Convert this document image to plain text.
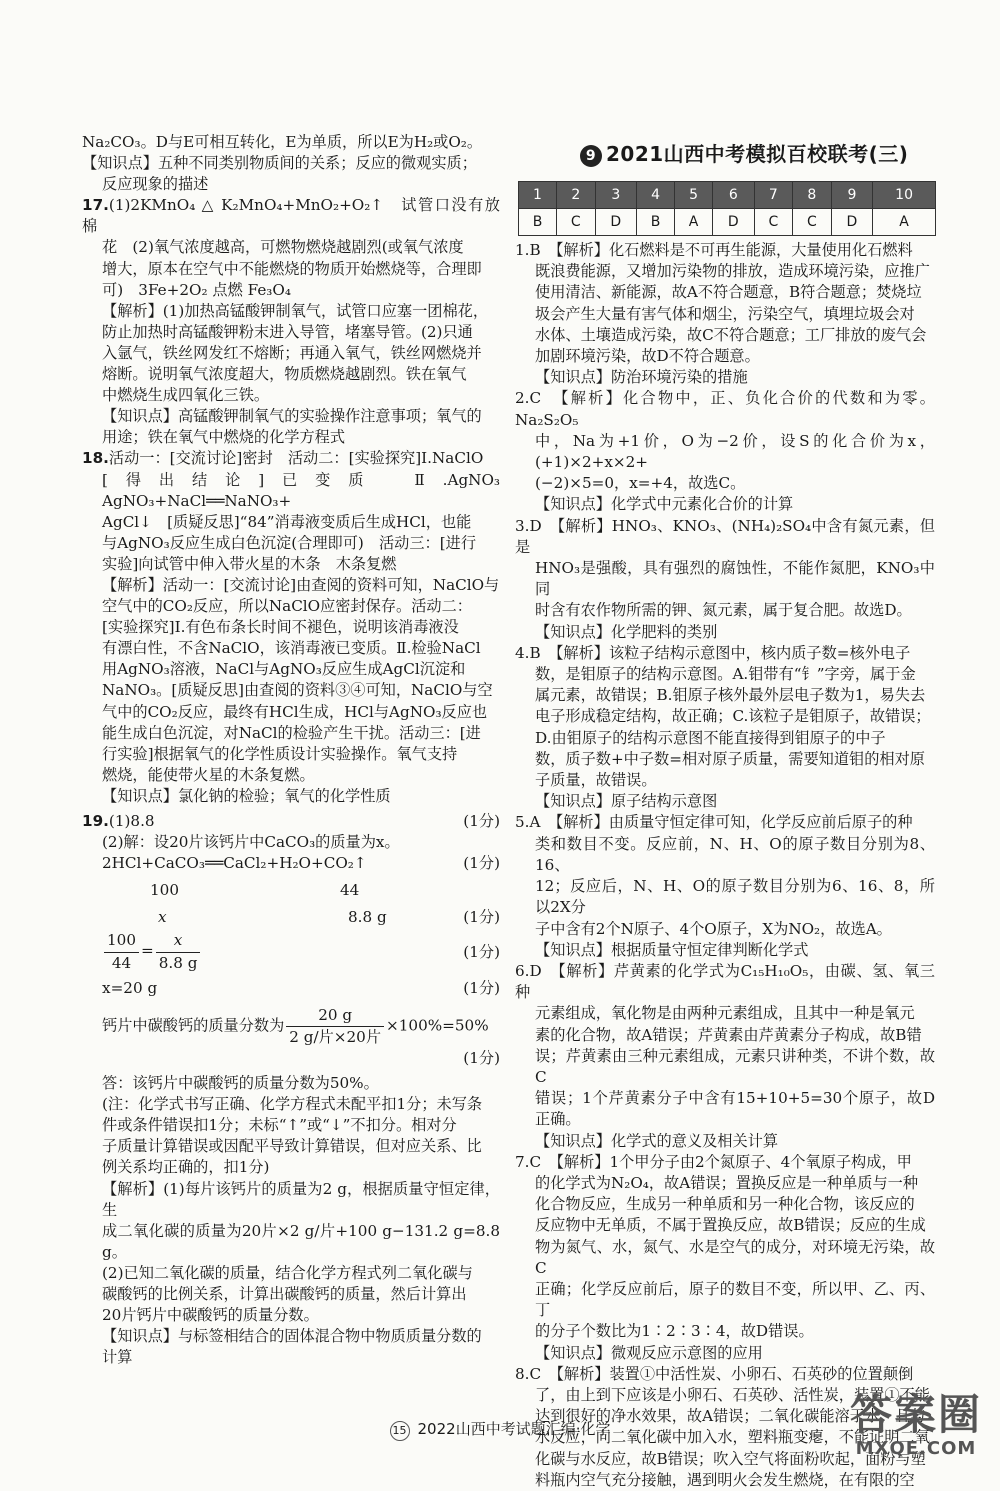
Na₂CO₃。D与E可相互转化，E为单质，所以E为H₂或O₂。

【知识点】五种不同类别物质间的关系；反应的微观实质；

反应现象的描述

17.(1)2KMnO₄ △ K₂MnO₄+MnO₂+O₂↑　试管口没有放棉

花　(2)氧气浓度越高，可燃物燃烧越剧烈(或氧气浓度

增大，原本在空气中不能燃烧的物质开始燃烧等，合理即

可)　3Fe+2O₂ 点燃 Fe₃O₄

【解析】(1)加热高锰酸钾制氧气，试管口应塞一团棉花，

防止加热时高锰酸钾粉末进入导管，堵塞导管。(2)只通

入氩气，铁丝网发红不熔断；再通入氧气，铁丝网燃烧并

熔断。说明氧气浓度超大，物质燃烧越剧烈。铁在氧气

中燃烧生成四氧化三铁。

【知识点】高锰酸钾制氧气的实验操作注意事项；氧气的

用途；铁在氧气中燃烧的化学方程式

18.活动一：[交流讨论]密封　活动二：[实验探究]Ⅰ.NaClO

[得出结论]已变质　Ⅱ.AgNO₃　AgNO₃+NaCl══NaNO₃+

AgCl↓　[质疑反思]“84”消毒液变质后生成HCl，也能

与AgNO₃反应生成白色沉淀(合理即可)　活动三：[进行

实验]向试管中伸入带火星的木条　木条复燃

【解析】活动一：[交流讨论]由查阅的资料可知，NaClO与

空气中的CO₂反应，所以NaClO应密封保存。活动二：

[实验探究]Ⅰ.有色布条长时间不褪色，说明该消毒液没

有漂白性，不含NaClO，该消毒液已变质。Ⅱ.检验NaCl

用AgNO₃溶液，NaCl与AgNO₃反应生成AgCl沉淀和

NaNO₃。[质疑反思]由查阅的资料③④可知，NaClO与空

气中的CO₂反应，最终有HCl生成，HCl与AgNO₃反应也

能生成白色沉淀，对NaCl的检验产生干扰。活动三：[进

行实验]根据氧气的化学性质设计实验操作。氧气支持

燃烧，能使带火星的木条复燃。

【知识点】氯化钠的检验；氧气的化学性质

19.(1)8.8	(1分)

(2)解：设20片该钙片中CaCO₃的质量为x。

2HCl+CaCO₃══CaCl₂+H₂O+CO₂↑	(1分)
100	44
x	8.8 g	(1分)
$\frac{100}{44} = \frac{x}{8.8 g}$	(1分)
x=20 g	(1分)
钙片中碳酸钙的质量分数为 $\frac{20 g}{\text{2 g/片×20片}} \times 100\%=50\%$
(1分)

答：该钙片中碳酸钙的质量分数为50%。

(注：化学式书写正确、化学方程式未配平扣1分；未写条

件或条件错误扣1分；未标“↑”或“↓”不扣分。相对分

子质量计算错误或因配平导致计算错误，但对应关系、比

例关系均正确的，扣1分)

【解析】(1)每片该钙片的质量为2 g，根据质量守恒定律，生

成二氧化碳的质量为20片×2 g/片+100 g−131.2 g=8.8 g。

(2)已知二氧化碳的质量，结合化学方程式列二氧化碳与

碳酸钙的比例关系，计算出碳酸钙的质量，然后计算出

20片钙片中碳酸钙的质量分数。

【知识点】与标签相结合的固体混合物中物质质量分数的

计算

9 2021山西中考模拟百校联考(三)
1	2	3	4	5	6	7	8	9	10
B	C	D	B	A	D	C	C	D	A

1.B　【解析】化石燃料是不可再生能源，大量使用化石燃料

既浪费能源，又增加污染物的排放，造成环境污染，应推广

使用清洁、新能源，故A不符合题意，B符合题意；焚烧垃

圾会产生大量有害气体和烟尘，污染空气，填埋垃圾会对

水体、土壤造成污染，故C不符合题意；工厂排放的废气会

加剧环境污染，故D不符合题意。

【知识点】防治环境污染的措施

2.C　【解析】化合物中，正、负化合价的代数和为零。Na₂S₂O₅

中，Na为+1价，O为−2价，设S的化合价为x，(+1)×2+x×2+

(−2)×5=0，x=+4，故选C。

【知识点】化学式中元素化合价的计算

3.D　【解析】HNO₃、KNO₃、(NH₄)₂SO₄中含有氮元素，但是

HNO₃是强酸，具有强烈的腐蚀性，不能作氮肥，KNO₃中同

时含有农作物所需的钾、氮元素，属于复合肥。故选D。

【知识点】化学肥料的类别

4.B　【解析】该粒子结构示意图中，核内质子数=核外电子

数，是钼原子的结构示意图。A.钼带有“钅”字旁，属于金

属元素，故错误；B.钼原子核外最外层电子数为1，易失去

电子形成稳定结构，故正确；C.该粒子是钼原子，故错误；

D.由钼原子的结构示意图不能直接得到钼原子的中子

数，质子数+中子数=相对原子质量，需要知道钼的相对原

子质量，故错误。

【知识点】原子结构示意图

5.A　【解析】由质量守恒定律可知，化学反应前后原子的种

类和数目不变。反应前，N、H、O的原子数目分别为8、16、

12；反应后，N、H、O的原子数目分别为6、16、8，所以2X分

子中含有2个N原子、4个O原子，X为NO₂，故选A。

【知识点】根据质量守恒定律判断化学式

6.D　【解析】芹黄素的化学式为C₁₅H₁₀O₅，由碳、氢、氧三种

元素组成，氧化物是由两种元素组成，且其中一种是氧元

素的化合物，故A错误；芹黄素由芹黄素分子构成，故B错

误；芹黄素由三种元素组成，元素只讲种类，不讲个数，故C

错误；1个芹黄素分子中含有15+10+5=30个原子，故D正确。

【知识点】化学式的意义及相关计算

7.C　【解析】1个甲分子由2个氮原子、4个氧原子构成，甲

的化学式为N₂O₄，故A错误；置换反应是一种单质与一种

化合物反应，生成另一种单质和另一种化合物，该反应的

反应物中无单质，不属于置换反应，故B错误；反应的生成

物为氮气、水，氮气、水是空气的成分，对环境无污染，故C

正确；化学反应前后，原子的数目不变，所以甲、乙、丙、丁

的分子个数比为1∶2∶3∶4，故D错误。

【知识点】微观反应示意图的应用

8.C　【解析】装置①中活性炭、小卵石、石英砂的位置颠倒

了，由上到下应该是小卵石、石英砂、活性炭，装置①不能

达到很好的净水效果，故A错误；二氧化碳能溶于水，且与

水反应，向二氧化碳中加入水，塑料瓶变瘪，不能证明二氧

化碳与水反应，故B错误；吹入空气将面粉吹起，面粉与塑

料瓶内空气充分接触，遇到明火会发生燃烧，在有限的空

15 2022山西中考试题汇编·化学	答案圈
MXQE.COM
